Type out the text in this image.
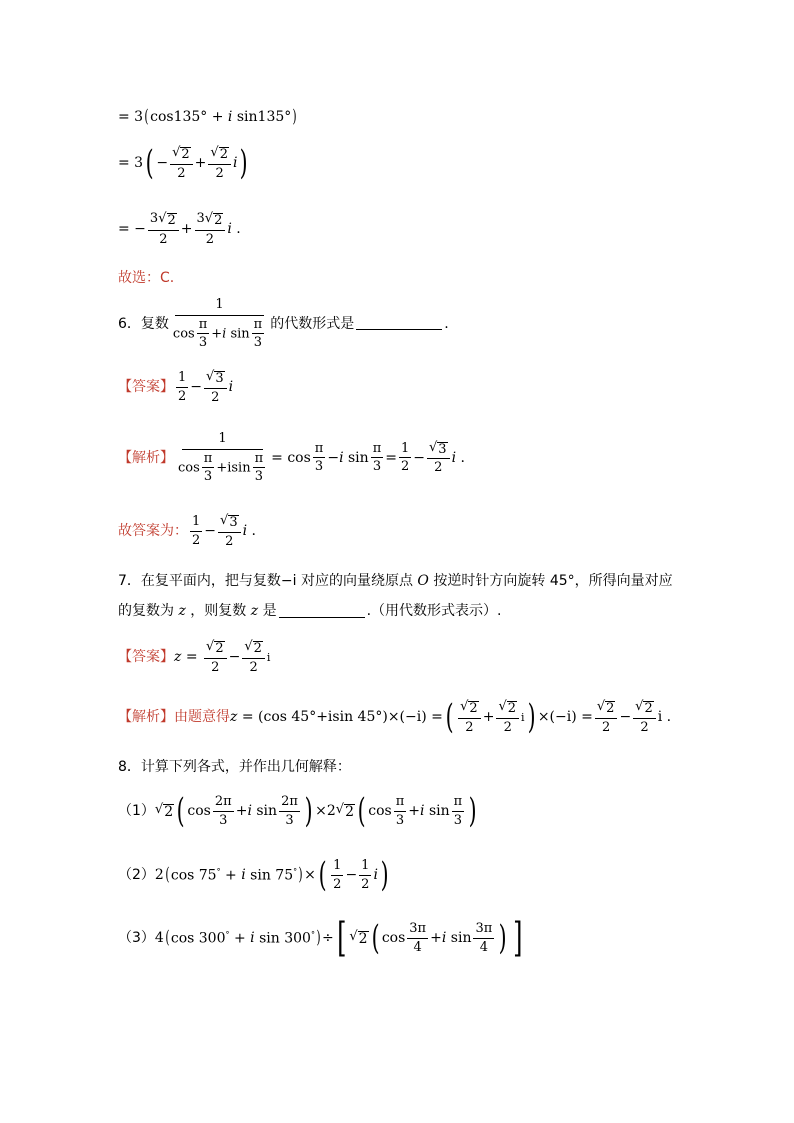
= 3 ( cos135° + i sin135° )
= 3 ( − $\frac{√ 2}{2} + \frac{√ 2}{2}$ i )
= − $\frac{3 √ 2}{2} + \frac{3 √ 2}{2}$ i .
故选：C.
6．复数 $\frac{1}{\cos \frac{\pi}{3} +i \sin \frac{\pi}{3}}$ 的代数形式是	.
【答案】 $\frac{1}{2} - \frac{√ 3}{2}$ i
【解析】 $\frac{1}{\cos \frac{\pi}{3} +isin \frac{\pi}{3}} = \cos \frac{\pi}{3} - i$ $\sin \frac{\pi}{3} = \frac{1}{2} - \frac{√ 3}{2}$ i .
故答案为： $\frac{1}{2} - \frac{√ 3}{2}$ i .
7．在复平面内，把与复数−i 对应的向量绕原点 O 按逆时针方向旋转 45°，所得向量对应
的复数为 z ，则复数 z 是	.（用代数形式表示）.
【答案】 $z = \frac{√ 2}{2} - \frac{√ 2}{2}$ i
【解析】 由题意得 z = (cos 45°+isin 45°)×(−i) = ( $\frac{√ 2}{2} + \frac{√ 2}{2}$ i ) $\times(-i) = \frac{√ 2}{2} - \frac{√ 2}{2}$ i .
8．计算下列各式，并作出几何解释：
（1） √ 2 ( $\cos \frac{2\pi}{3} + i$ $\sin \frac{2\pi}{3}$ ) ×2 √ 2 ( $\cos \frac{\pi}{3} + i$ $\sin \frac{\pi}{3}$ )
（2） 2 ( cos 75° + i sin 75° ) × ( $\frac{1}{2} - \frac{1}{2}$ i )
（3） 4 ( cos 300° + i sin 300° ) ÷ [ √ 2 ( $\cos \frac{3\pi}{4} + i$ $\sin \frac{3\pi}{4}$ ) ]
